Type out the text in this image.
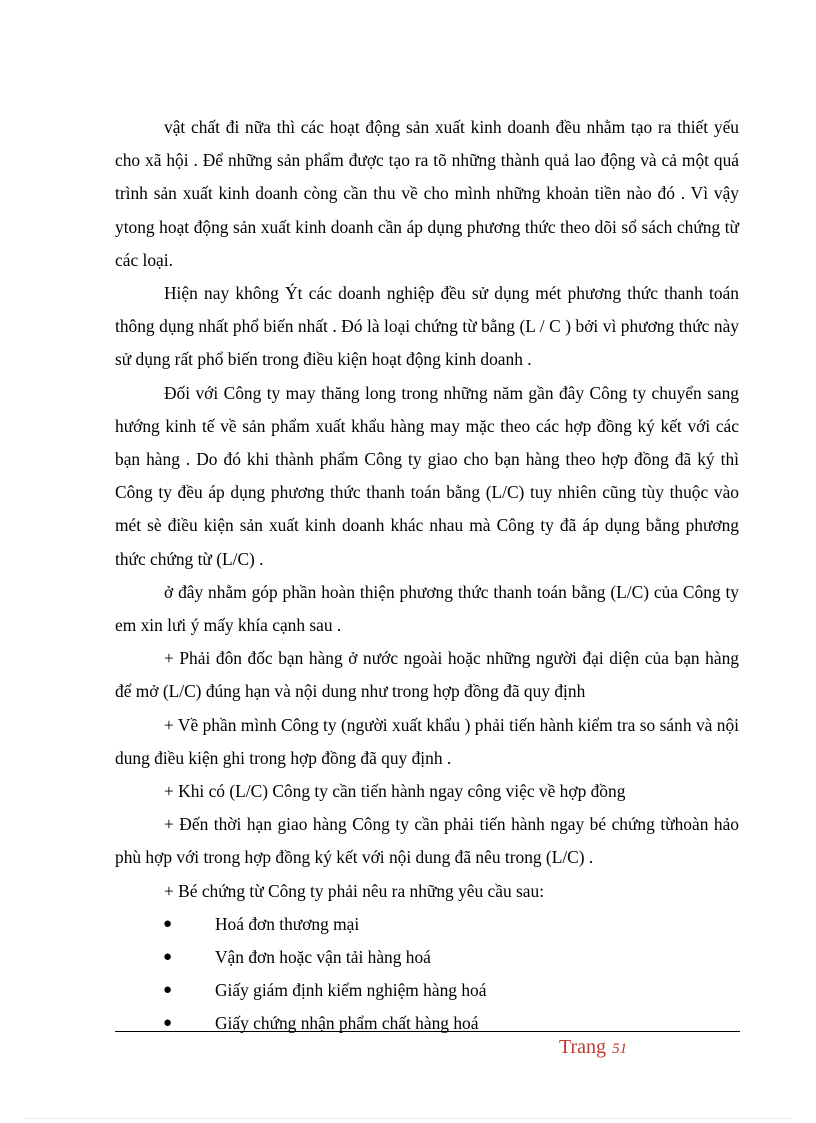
vật chất đi nữa thì các hoạt động sản xuất kinh doanh đều nhằm tạo ra thiết yếu cho xã hội . Để những sản phẩm được tạo ra tõ những thành quả lao động và cả một quá trình sản xuất kinh doanh còng cần thu về cho mình những khoản tiền nào đó . Vì vậy ytong hoạt động sản xuất kinh doanh cần áp dụng phương thức theo dõi sổ sách chứng từ các loại.

Hiện nay không Ýt các doanh nghiệp đều sử dụng mét phương thức thanh toán thông dụng nhất phổ biến nhất . Đó là loại chứng từ bằng (L / C ) bởi vì phương thức này sử dụng rất phổ biến trong điều kiện hoạt động kinh doanh .

Đối với Công ty may thăng long trong những năm gần đây Công ty chuyển sang hướng kinh tế về sản phẩm xuất khẩu hàng may mặc theo các hợp đồng ký kết với các bạn hàng . Do đó khi thành phẩm Công ty giao cho bạn hàng theo hợp đồng đã ký thì Công ty đều áp dụng phương thức thanh toán bằng (L/C) tuy nhiên cũng tùy thuộc vào mét sè điều kiện sản xuất kinh doanh khác nhau mà Công ty đã áp dụng bằng phương thức chứng từ (L/C) .

ở đây nhằm góp phần hoàn thiện phương thức thanh toán bằng (L/C) của Công ty em xin lưi ý mấy khía cạnh sau .

+ Phải đôn đốc bạn hàng ở nước ngoài hoặc những người đại diện của bạn hàng để mở (L/C) đúng hạn và nội dung như trong hợp đồng đã quy định

+ Về phần mình Công ty (người xuất khẩu ) phải tiến hành kiểm tra so sánh và nội dung điều kiện ghi trong hợp đồng đã quy định .

+ Khi có (L/C) Công ty cần tiến hành ngay công việc về hợp đồng

+ Đến thời hạn giao hàng Công ty cần phải tiến hành ngay bé chứng từhoàn hảo phù hợp với trong hợp đồng ký kết với nội dung đã nêu trong (L/C) .

+ Bé chứng từ Công ty phải nêu ra những yêu cầu sau:

● Hoá đơn thương mại
● Vận đơn hoặc vận tải hàng hoá
● Giấy giám định kiểm nghiệm hàng hoá
● Giấy chứng nhận phẩm chất hàng hoá
Trang 51
